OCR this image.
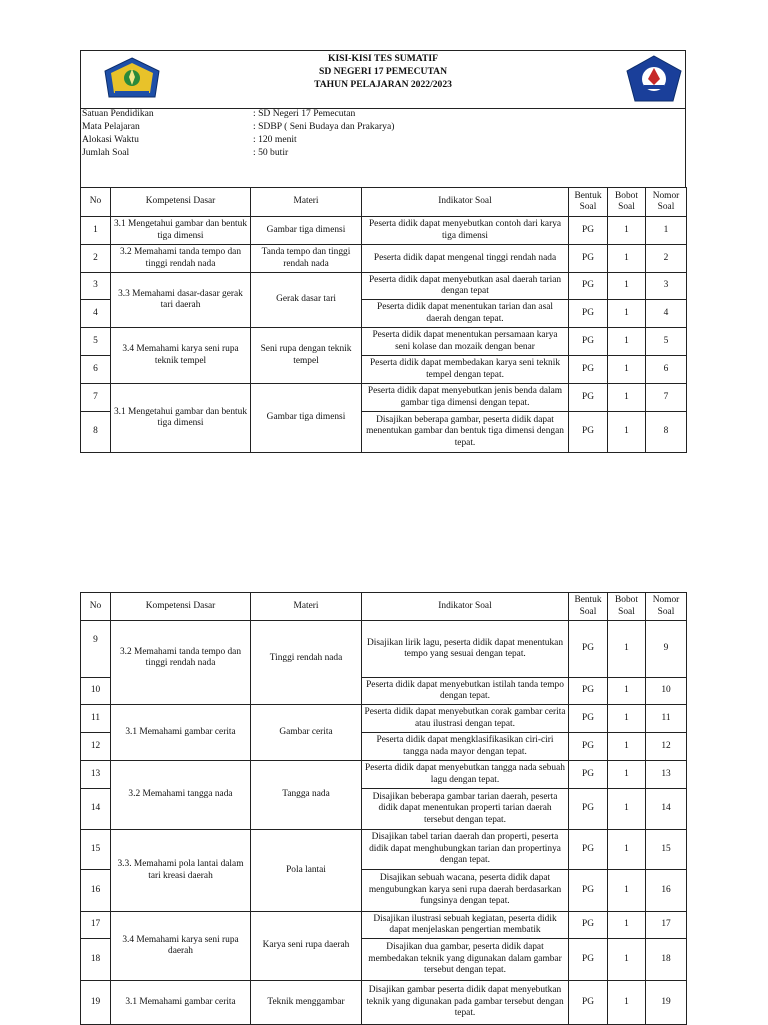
KISI-KISI TES SUMATIF
SD NEGERI 17 PEMECUTAN
TAHUN PELAJARAN 2022/2023
Satuan Pendidikan	: SD Negeri 17 Pemecutan
Mata Pelajaran	: SDBP ( Seni Budaya dan Prakarya)
Alokasi Waktu	: 120 menit
Jumlah Soal	: 50 butir
No	Kompetensi Dasar	Materi	Indikator Soal	Bentuk Soal	Bobot Soal	Nomor Soal
1	3.1 Mengetahui gambar dan bentuk tiga dimensi	Gambar tiga dimensi	Peserta didik dapat menyebutkan contoh dari karya tiga dimensi	PG	1	1
2	3.2 Memahami tanda tempo dan tinggi rendah nada	Tanda tempo dan tinggi rendah nada	Peserta didik dapat mengenal tinggi rendah nada	PG	1	2
3	3.3 Memahami dasar-dasar gerak tari daerah	Gerak dasar tari	Peserta didik dapat menyebutkan asal daerah tarian dengan tepat	PG	1	3
4			Peserta didik dapat menentukan tarian dan asal daerah dengan tepat.	PG	1	4
5	3.4 Memahami karya seni rupa teknik tempel	Seni rupa dengan teknik tempel	Peserta didik dapat menentukan persamaan karya seni kolase dan mozaik dengan benar	PG	1	5
6			Peserta didik dapat membedakan karya seni teknik tempel dengan tepat.	PG	1	6
7	3.1 Mengetahui gambar dan bentuk tiga dimensi	Gambar tiga dimensi	Peserta didik dapat menyebutkan jenis benda dalam gambar tiga dimensi dengan tepat.	PG	1	7
8			Disajikan beberapa gambar, peserta didik dapat menentukan gambar dan bentuk tiga dimensi dengan tepat.	PG	1	8
No	Kompetensi Dasar	Materi	Indikator Soal	Bentuk Soal	Bobot Soal	Nomor Soal
9	3.2 Memahami tanda tempo dan tinggi rendah nada	Tinggi rendah nada	Disajikan lirik lagu, peserta didik dapat menentukan tempo yang sesuai dengan tepat.	PG	1	9
10			Peserta didik dapat menyebutkan istilah tanda tempo dengan tepat.	PG	1	10
11	3.1 Memahami gambar cerita	Gambar cerita	Peserta didik dapat menyebutkan corak gambar cerita atau ilustrasi dengan tepat.	PG	1	11
12			Peserta didik dapat mengklasifikasikan ciri-ciri tangga nada mayor dengan tepat.	PG	1	12
13	3.2 Memahami tangga nada	Tangga nada	Peserta didik dapat menyebutkan tangga nada sebuah lagu dengan tepat.	PG	1	13
14			Disajikan beberapa gambar tarian daerah, peserta didik dapat menentukan properti tarian daerah tersebut dengan tepat.	PG	1	14
15	3.3. Memahami pola lantai dalam tari kreasi daerah	Pola lantai	Disajikan tabel tarian daerah dan properti, peserta didik dapat menghubungkan tarian dan propertinya dengan tepat.	PG	1	15
16			Disajikan sebuah wacana, peserta didik dapat mengubungkan karya seni rupa daerah berdasarkan fungsinya dengan tepat.	PG	1	16
17	3.4 Memahami karya seni rupa daerah	Karya seni rupa daerah	Disajikan ilustrasi sebuah kegiatan, peserta didik dapat menjelaskan pengertian membatik	PG	1	17
18			Disajikan dua gambar, peserta didik dapat membedakan teknik yang digunakan dalam gambar tersebut dengan tepat.	PG	1	18
19	3.1 Memahami gambar cerita	Teknik menggambar	Disajikan gambar peserta didik dapat menyebutkan teknik yang digunakan pada gambar tersebut dengan tepat.	PG	1	19
